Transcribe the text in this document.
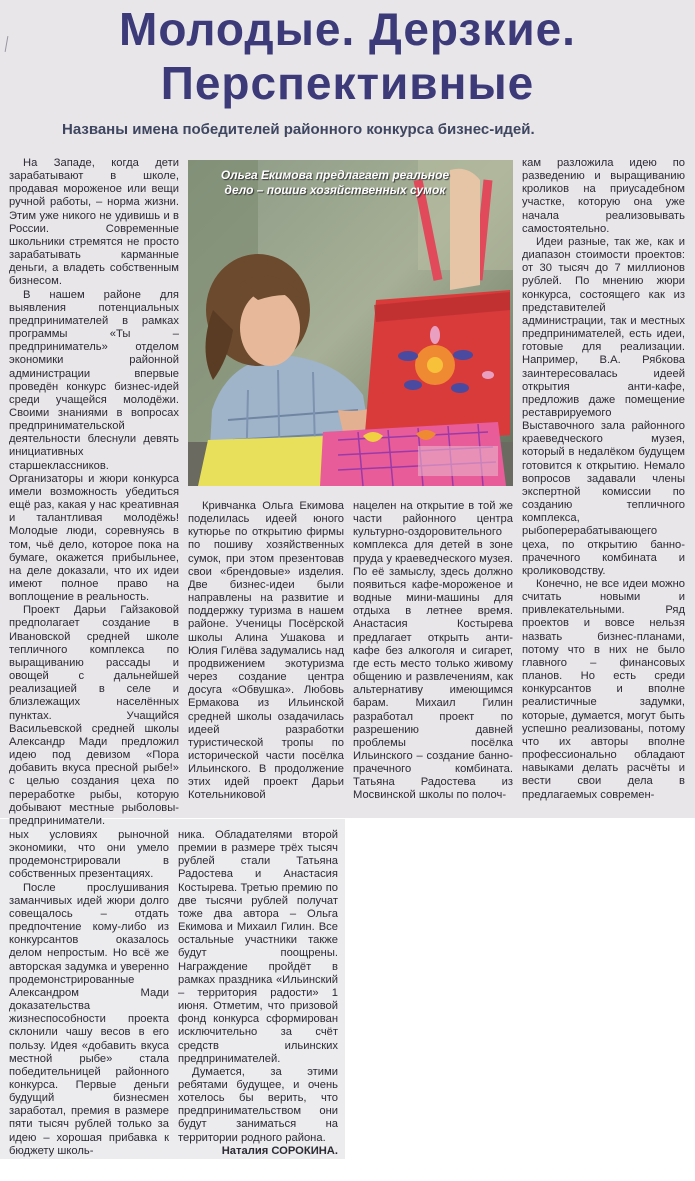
Молодые. Дерзкие.
Перспективные
Названы имена победителей районного конкурса бизнес-идей.

Ольга Екимова предлагает реальное дело – пошив хозяйственных сумок

На Западе, когда дети зарабатывают в школе, продавая мороженое или вещи ручной работы, – норма жизни. Этим уже никого не удивишь и в России. Современные школьники стремятся не просто зарабатывать карманные деньги, а владеть собственным бизнесом.

В нашем районе для выявления потенциальных предпринимателей в рамках программы «Ты – предприниматель» отделом экономики районной администрации впервые проведён конкурс бизнес-идей среди учащейся молодёжи. Своими знаниями в вопросах предпринимательской деятельности блеснули девять инициативных старшеклассников. Организаторы и жюри конкурса имели возможность убедиться ещё раз, какая у нас креативная и талантливая молодёжь! Молодые люди, соревнуясь в том, чьё дело, которое пока на бумаге, окажется прибыльнее, на деле доказали, что их идеи имеют полное право на воплощение в реальность.

Проект Дарьи Гайзаковой предполагает создание в Ивановской средней школе тепличного комплекса по выращиванию рассады и овощей с дальнейшей реализацией в селе и близлежащих населённых пунктах. Учащийся Васильевской средней школы Александр Мади предложил идею под девизом «Пора добавить вкуса пресной рыбе!» с целью создания цеха по переработке рыбы, которую добывают местные рыболовы-предприниматели.

Кривчанка Ольга Екимова поделилась идеей юного кутюрье по открытию фирмы по пошиву хозяйственных сумок, при этом презентовав свои «брендовые» изделия. Две бизнес-идеи были направлены на развитие и поддержку туризма в нашем районе. Ученицы Посёрской школы Алина Ушакова и Юлия Гилёва задумались над продвижением экотуризма через создание центра досуга «Обвушка». Любовь Ермакова из Ильинской средней школы озадачилась идеей разработки туристической тропы по исторической части посёлка Ильинского. В продолжение этих идей проект Дарьи Котельниковой

нацелен на открытие в той же части районного центра культурно-оздоровительного комплекса для детей в зоне пруда у краеведческого музея. По её замыслу, здесь должно появиться кафе-мороженое и водные мини-машины для отдыха в летнее время. Анастасия Костырева предлагает открыть анти-кафе без алкоголя и сигарет, где есть место только живому общению и развлечениям, как альтернативу имеющимся барам. Михаил Гилин разработал проект по разрешению давней проблемы посёлка Ильинского – создание банно-прачечного комбината. Татьяна Радостева из Мосвинской школы по полоч-

кам разложила идею по разведению и выращиванию кроликов на приусадебном участке, которую она уже начала реализовывать самостоятельно.

Идеи разные, так же, как и диапазон стоимости проектов: от 30 тысяч до 7 миллионов рублей. По мнению жюри конкурса, состоящего как из представителей администрации, так и местных предпринимателей, есть идеи, готовые для реализации. Например, В.А. Рябкова заинтересовалась идеей открытия анти-кафе, предложив даже помещение реставрируемого Выставочного зала районного краеведческого музея, который в недалёком будущем готовится к открытию. Немало вопросов задавали члены экспертной комиссии по созданию тепличного комплекса, рыбоперерабатывающего цеха, по открытию банно-прачечного комбината и кролиководству.

Конечно, не все идеи можно считать новыми и привлекательными. Ряд проектов и вовсе нельзя назвать бизнес-планами, потому что в них не было главного – финансовых планов. Но есть среди конкурсантов и вполне реалистичные задумки, которые, думается, могут быть успешно реализованы, потому что их авторы вполне профессионально обладают навыками делать расчёты и вести свои дела в предлагаемых современ-

ных условиях рыночной экономики, что они умело продемонстрировали в собственных презентациях.

После прослушивания заманчивых идей жюри долго совещалось – отдать предпочтение кому-либо из конкурсантов оказалось делом непростым. Но всё же авторская задумка и уверенно продемонстрированные Александром Мади доказательства жизнеспособности проекта склонили чашу весов в его пользу. Идея «добавить вкуса местной рыбе» стала победительницей районного конкурса. Первые деньги будущий бизнесмен заработал, премия в размере пяти тысяч рублей только за идею – хорошая прибавка к бюджету школь-

ника. Обладателями второй премии в размере трёх тысяч рублей стали Татьяна Радостева и Анастасия Костырева. Третью премию по две тысячи рублей получат тоже два автора – Ольга Екимова и Михаил Гилин. Все остальные участники также будут поощрены. Награждение пройдёт в рамках праздника «Ильинский – территория радости» 1 июня. Отметим, что призовой фонд конкурса сформирован исключительно за счёт средств ильинских предпринимателей.

Думается, за этими ребятами будущее, и очень хотелось бы верить, что предпринимательством они будут заниматься на территории родного района.

Наталия СОРОКИНА.
